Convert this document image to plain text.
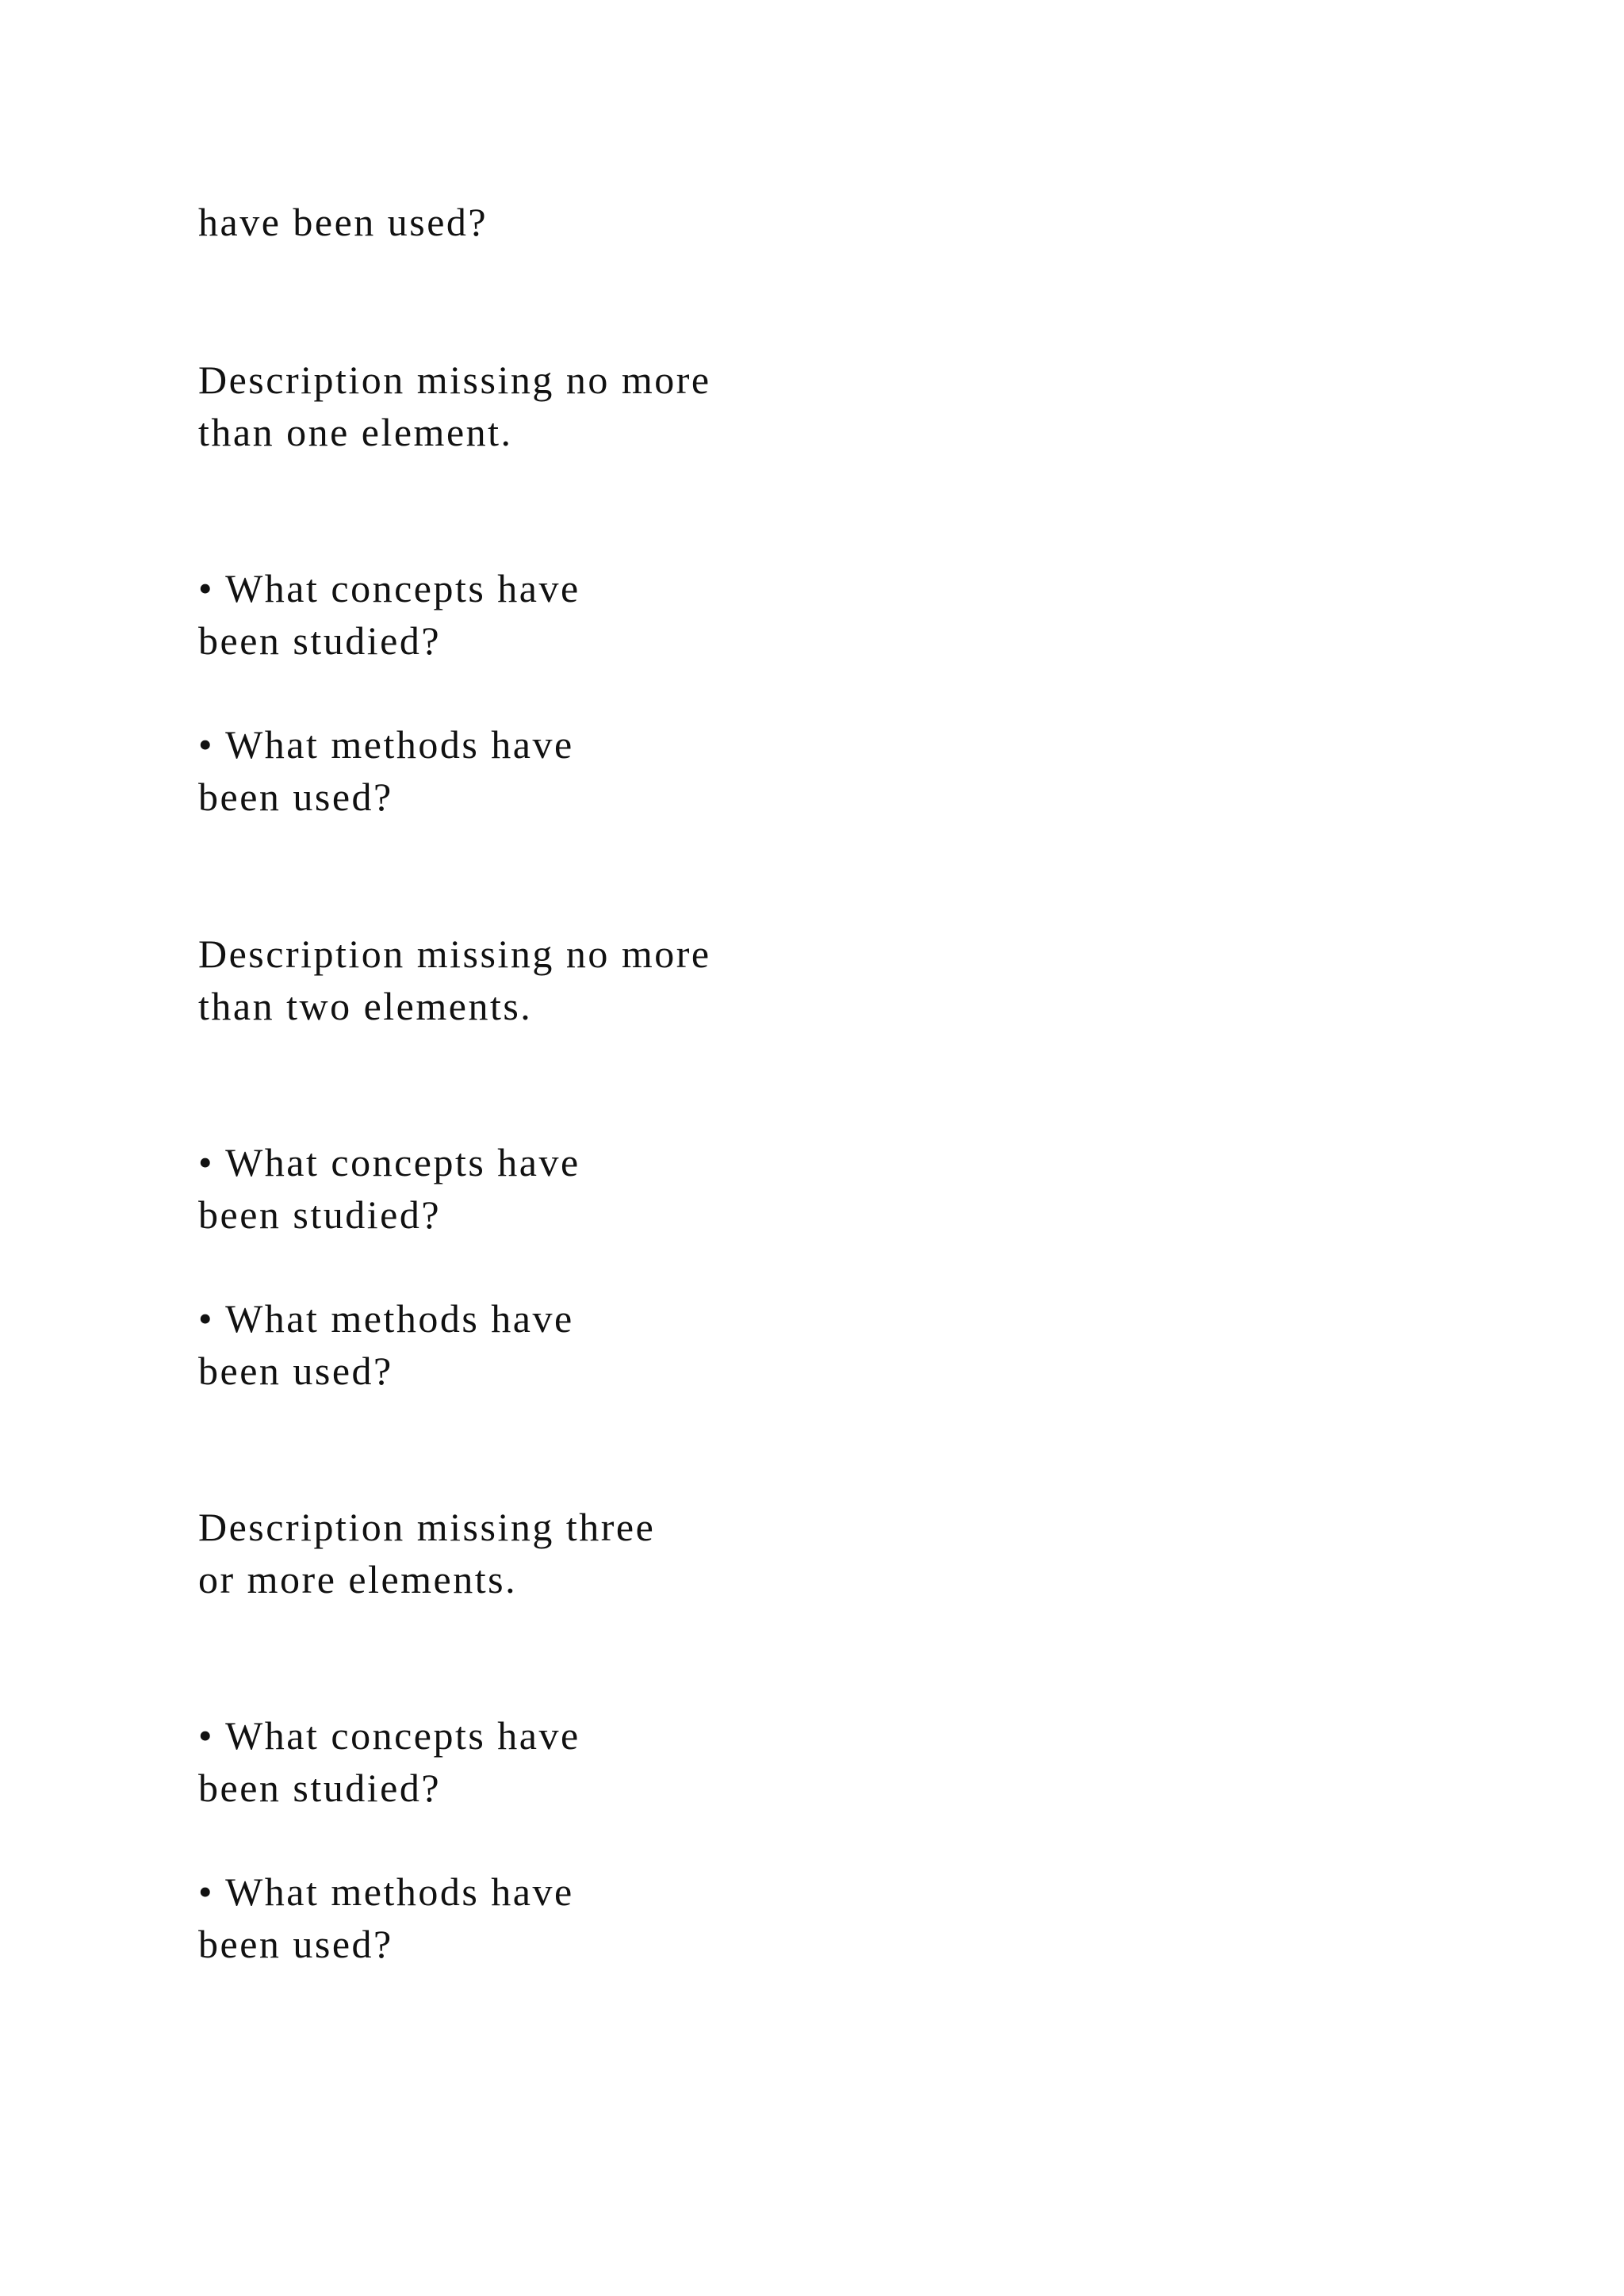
have been used?
Description missing no more
than one element.
• What concepts have
been studied?
• What methods have
been used?
Description missing no more
than two elements.
• What concepts have
been studied?
• What methods have
been used?
Description missing three
or more elements.
• What concepts have
been studied?
• What methods have
been used?
